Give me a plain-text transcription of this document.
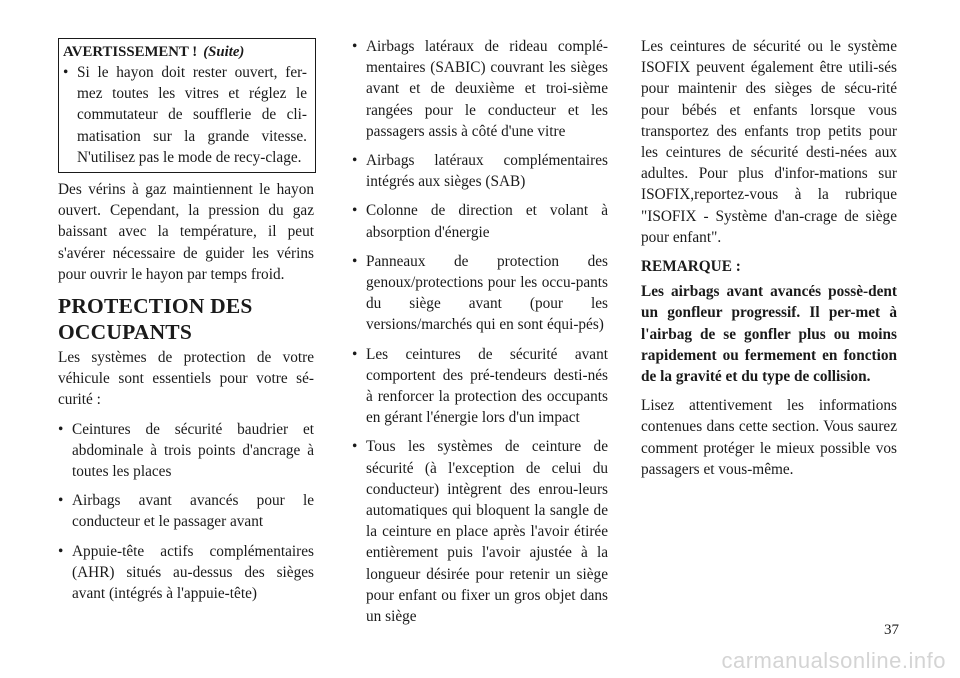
AVERTISSEMENT ! (Suite)
• Si le hayon doit rester ouvert, fer-mez toutes les vitres et réglez le commutateur de soufflerie de cli-matisation sur la grande vitesse. N'utilisez pas le mode de recy-clage.

Des vérins à gaz maintiennent le hayon ouvert. Cependant, la pression du gaz baissant avec la température, il peut s'avérer nécessaire de guider les vérins pour ouvrir le hayon par temps froid.

PROTECTION DES OCCUPANTS

Les systèmes de protection de votre véhicule sont essentiels pour votre sé-curité :

• Ceintures de sécurité baudrier et abdominale à trois points d'ancrage à toutes les places
• Airbags avant avancés pour le conducteur et le passager avant
• Appuie-tête actifs complémentaires (AHR) situés au-dessus des sièges avant (intégrés à l'appuie-tête)
• Airbags latéraux de rideau complé-mentaires (SABIC) couvrant les sièges avant et de deuxième et troi-sième rangées pour le conducteur et les passagers assis à côté d'une vitre
• Airbags latéraux complémentaires intégrés aux sièges (SAB)
• Colonne de direction et volant à absorption d'énergie
• Panneaux de protection des genoux/protections pour les occu-pants du siège avant (pour les versions/marchés qui en sont équi-pés)
• Les ceintures de sécurité avant comportent des pré-tendeurs desti-nés à renforcer la protection des occupants en gérant l'énergie lors d'un impact
• Tous les systèmes de ceinture de sécurité (à l'exception de celui du conducteur) intègrent des enrou-leurs automatiques qui bloquent la sangle de la ceinture en place après l'avoir étirée entièrement puis l'avoir ajustée à la longueur désirée pour retenir un siège pour enfant ou fixer un gros objet dans un siège

Les ceintures de sécurité ou le système ISOFIX peuvent également être utili-sés pour maintenir des sièges de sécu-rité pour bébés et enfants lorsque vous transportez des enfants trop petits pour les ceintures de sécurité desti-nées aux adultes. Pour plus d'infor-mations sur ISOFIX,reportez-vous à la rubrique "ISOFIX - Système d'an-crage de siège pour enfant".

REMARQUE :

Les airbags avant avancés possè-dent un gonfleur progressif. Il per-met à l'airbag de se gonfler plus ou moins rapidement ou fermement en fonction de la gravité et du type de collision.

Lisez attentivement les informations contenues dans cette section. Vous saurez comment protéger le mieux possible vos passagers et vous-même.

37
carmanualsonline.info
